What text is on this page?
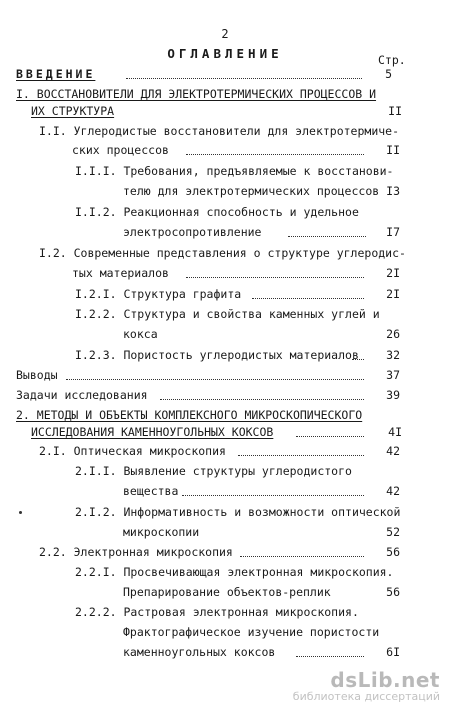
2
ОГЛАВЛЕНИЕ	Стр.
ВВЕДЕНИЕ	5
I. ВОССТАНОВИТЕЛИ ДЛЯ ЭЛЕКТРОТЕРМИЧЕСКИХ ПРОЦЕССОВ И
ИХ СТРУКТУРА	II
I.I. Углеродистые восстановители для электротермиче-
ских процессов	II
I.I.I. Требования, предъявляемые к восстанови-
телю для электротермических процессов I3
I.I.2. Реакционная способность и удельное
электросопротивление	I7
I.2. Современные представления о структуре углеродис-
тых материалов	2I
I.2.I. Структура графита	2I
I.2.2. Структура и свойства каменных углей и
кокса	26
I.2.3. Пористость углеродистых материалов	32
Выводы	37
Задачи исследования	39
2. МЕТОДЫ И ОБЪЕКТЫ КОМПЛЕКСНОГО МИКРОСКОПИЧЕСКОГО
ИССЛЕДОВАНИЯ КАМЕННОУГОЛЬНЫХ КОКСОВ	4I
2.I. Оптическая микроскопия	42
2.I.I. Выявление структуры углеродистого
вещества	42
2.I.2. Информативность и возможности оптической
микроскопии	52
2.2. Электронная микроскопия	56
2.2.I. Просвечивающая электронная микроскопия.
Препарирование объектов-реплик	56
2.2.2. Растровая электронная микроскопия.
Фрактографическое изучение пористости
каменноугольных коксов	6I
dsLib.net
библиотека диссертаций
